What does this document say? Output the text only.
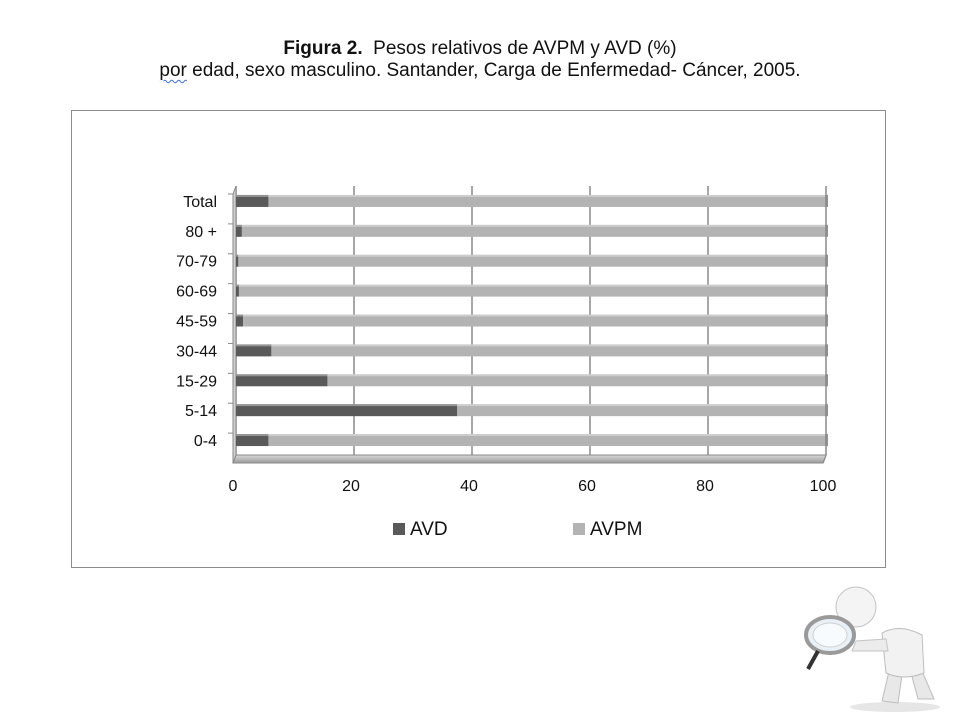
Figura 2. Pesos relativos de AVPM y AVD (%)
por edad, sexo masculino. Santander, Carga de Enfermedad- Cáncer, 2005.
Total
80 +
70-79
60-69
45-59
30-44
15-29
5-14
0-4
0	20	40	60	80	100
AVD	AVPM
